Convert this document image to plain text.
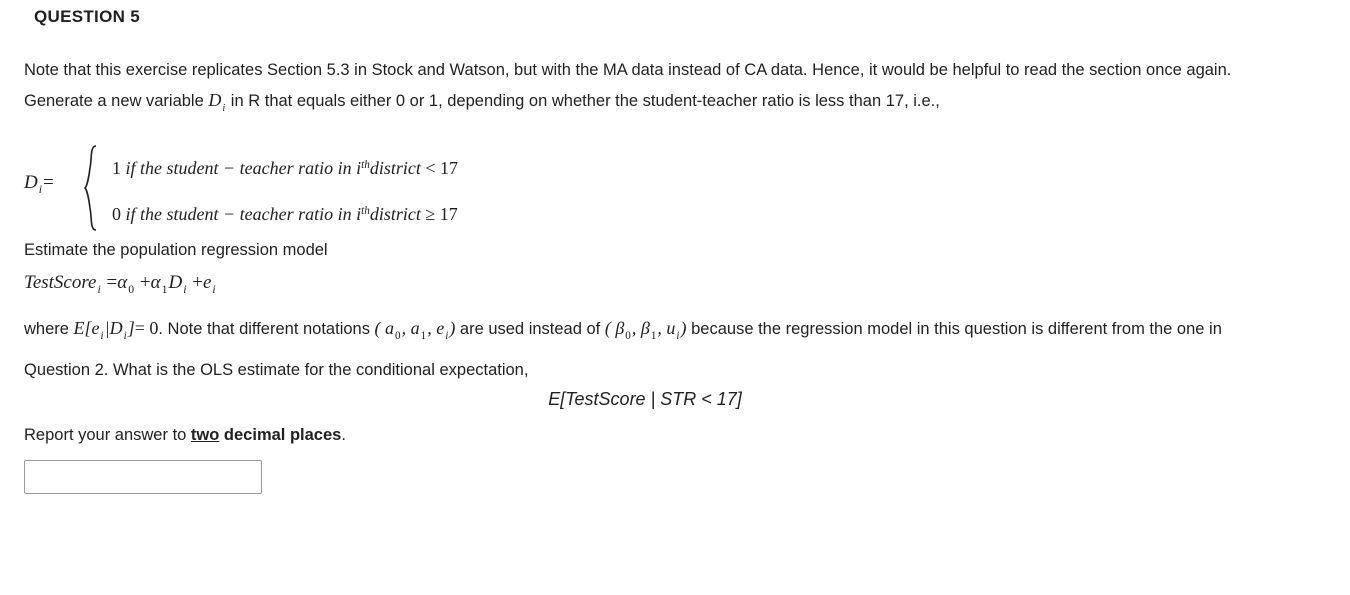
QUESTION 5
Note that this exercise replicates Section 5.3 in Stock and Watson, but with the MA data instead of CA data. Hence, it would be helpful to read the section once again. Generate a new variable $D_i$ in R that equals either 0 or 1, depending on whether the student-teacher ratio is less than 17, i.e.,
$D_i=$
1 if the student − teacher ratio in $i^{th}district < 17$
0 if the student − teacher ratio in $i^{th}district \ge 17$
Estimate the population regression model
TestScore$_i$ $=\alpha_0 +\alpha_1D_i +e_i$
where $E[e_i|D_i]= 0$. Note that different notations ( $a_0$, $a_1$, $e_i$) are used instead of ( $\beta_0$, $\beta_1$, $u_i$) because the regression model in this question is different from the one in Question 2. What is the OLS estimate for the conditional expectation,
E[TestScore | STR < 17]
Report your answer to two decimal places.
